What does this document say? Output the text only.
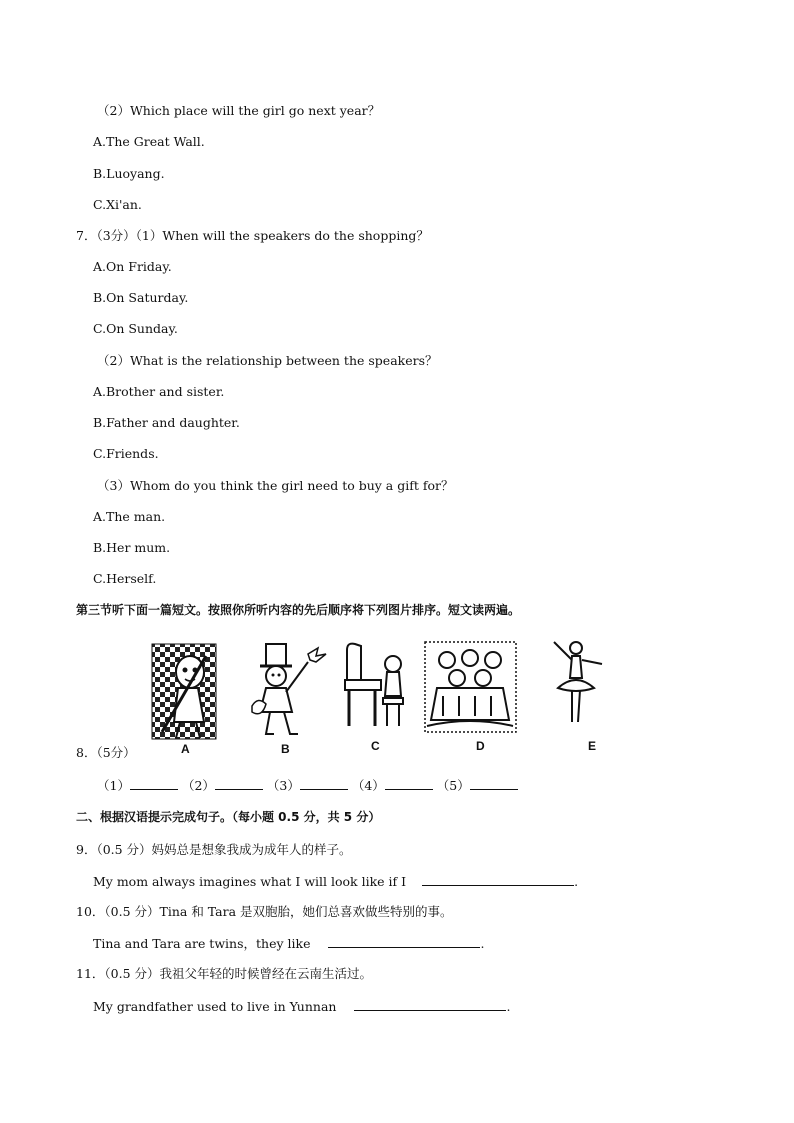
（2）Which place will the girl go next year？
A.The Great Wall.
B.Luoyang.
C.Xi'an.
7．（3分）（1）When will the speakers do the shopping？
A.On Friday.
B.On Saturday.
C.On Sunday.
（2）What is the relationship between the speakers？
A.Brother and sister.
B.Father and daughter.
C.Friends.
（3）Whom do you think the girl need to buy a gift for？
A.The man.
B.Her mum.
C.Herself.
第三节听下面一篇短文。按照你所听内容的先后顺序将下列图片排序。短文读两遍。
A	B	C	D	E
8．（5分）
（1）	（2）	（3）	（4）	（5）
二、根据汉语提示完成句子。（每小题 0.5 分，共 5 分）
9．（0.5 分）妈妈总是想象我成为成年人的样子。
My mom always imagines what I will look like if I	.
10．（0.5 分）Tina 和 Tara 是双胞胎，她们总喜欢做些特别的事。
Tina and Tara are twins，they like	.
11．（0.5 分）我祖父年轻的时候曾经在云南生活过。
My grandfather used to live in Yunnan	.
